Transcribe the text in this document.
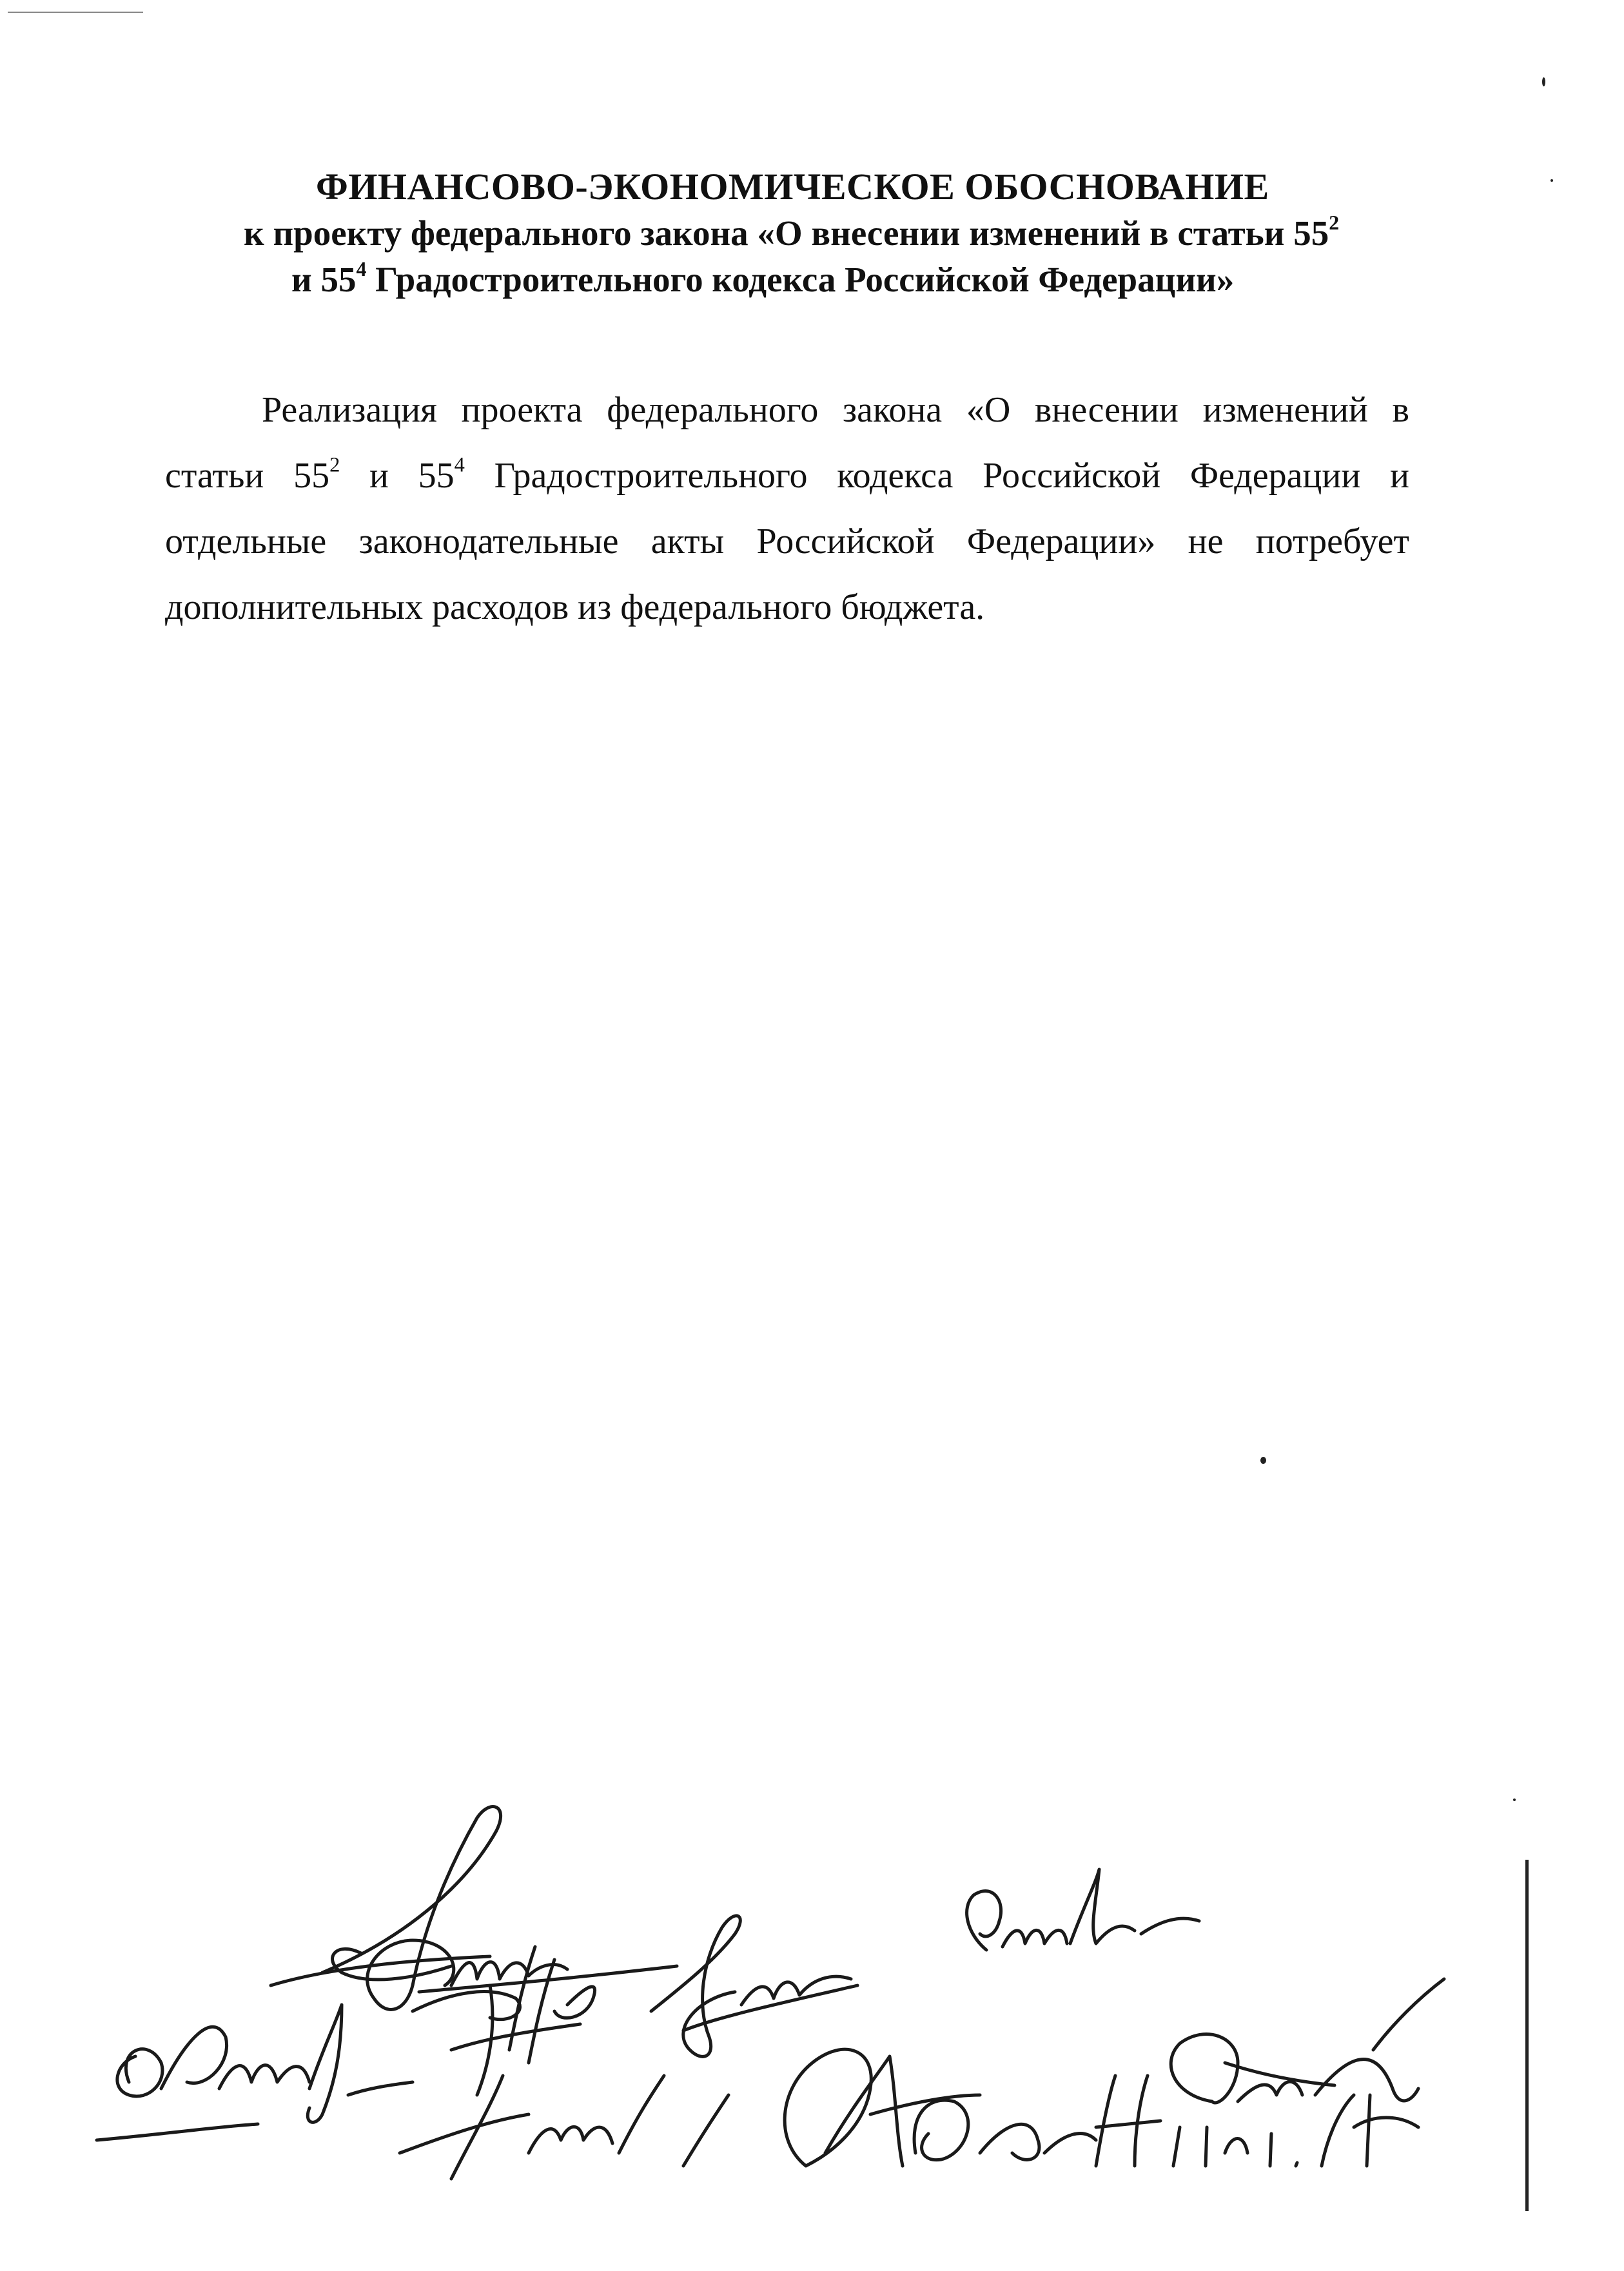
ФИНАНСОВО-ЭКОНОМИЧЕСКОЕ ОБОСНОВАНИЕ
к проекту федерального закона «О внесении изменений в статьи $55^2$
и $55^4$ Градостроительного кодекса Российской Федерации»

Реализация проекта федерального закона «О внесении изменений в статьи $55^2$ и $55^4$ Градостроительного кодекса Российской Федерации и отдельные законодательные акты Российской Федерации» не потребует дополнительных расходов из федерального бюджета.
